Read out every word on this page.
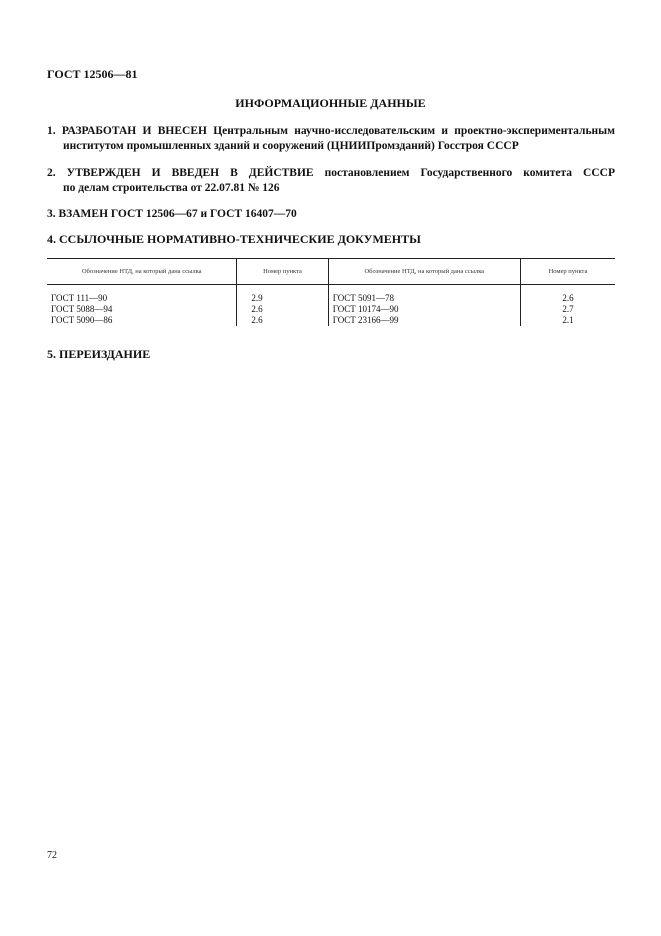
ГОСТ 12506—81
ИНФОРМАЦИОННЫЕ ДАННЫЕ
1. РАЗРАБОТАН И ВНЕСЕН Центральным научно-исследовательским и проектно-экспериментальным
институтом промышленных зданий и сооружений (ЦНИИПромзданий) Госстроя СССР
2. УТВЕРЖДЕН И ВВЕДЕН В ДЕЙСТВИЕ постановлением Государственного комитета СССР
по делам строительства от 22.07.81 № 126
3. ВЗАМЕН ГОСТ 12506—67 и ГОСТ 16407—70
4. ССЫЛОЧНЫЕ НОРМАТИВНО-ТЕХНИЧЕСКИЕ ДОКУМЕНТЫ
Обозначение НТД, на который дана ссылка	Номер пункта	Обозначение НТД, на который дана ссылка	Номер пункта
ГОСТ 111—90	2.9	ГОСТ 5091—78	2.6
ГОСТ 5088—94	2.6	ГОСТ 10174—90	2.7
ГОСТ 5090—86	2.6	ГОСТ 23166—99	2.1
5. ПЕРЕИЗДАНИЕ
72
